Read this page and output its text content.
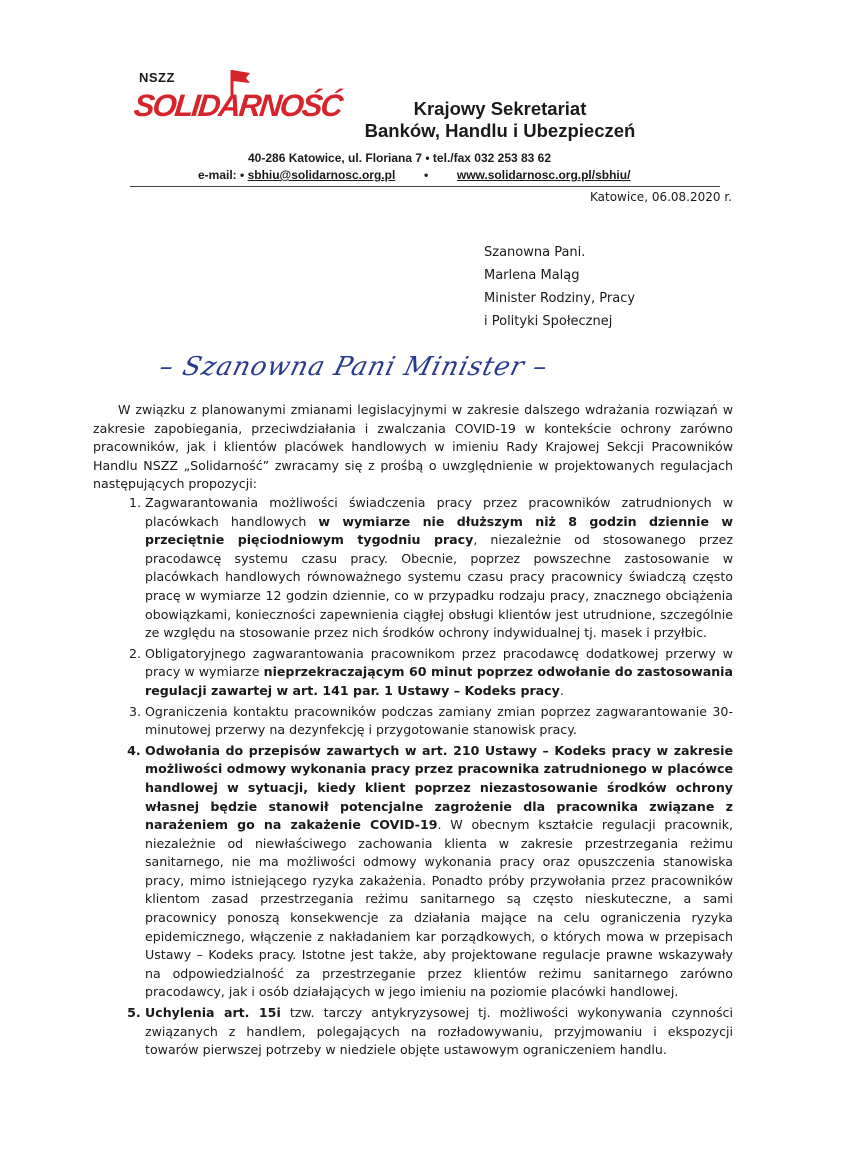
NSZZ
SOLIDARNOŚĆ	Krajowy Sekretariat
Banków, Handlu i Ubezpieczeń
40-286 Katowice, ul. Floriana 7 • tel./fax 032 253 83 62
e-mail: • sbhiu@solidarnosc.org.pl • www.solidarnosc.org.pl/sbhiu/
Katowice, 06.08.2020 r.
Szanowna Pani.
Marlena Maląg
Minister Rodziny, Pracy
i Polityki Społecznej
– Szanowna Pani Minister –
W związku z planowanymi zmianami legislacyjnymi w zakresie dalszego wdrażania rozwiązań w zakresie zapobiegania, przeciwdziałania i zwalczania COVID-19 w kontekście ochrony zarówno pracowników, jak i klientów placówek handlowych w imieniu Rady Krajowej Sekcji Pracowników Handlu NSZZ „Solidarność” zwracamy się z prośbą o uwzględnienie w projektowanych regulacjach następujących propozycji:
1. Zagwarantowania możliwości świadczenia pracy przez pracowników zatrudnionych w placówkach handlowych w wymiarze nie dłuższym niż 8 godzin dziennie w przeciętnie pięciodniowym tygodniu pracy, niezależnie od stosowanego przez pracodawcę systemu czasu pracy. Obecnie, poprzez powszechne zastosowanie w placówkach handlowych równoważnego systemu czasu pracy pracownicy świadczą często pracę w wymiarze 12 godzin dziennie, co w przypadku rodzaju pracy, znacznego obciążenia obowiązkami, konieczności zapewnienia ciągłej obsługi klientów jest utrudnione, szczególnie ze względu na stosowanie przez nich środków ochrony indywidualnej tj. masek i przyłbic.
2. Obligatoryjnego zagwarantowania pracownikom przez pracodawcę dodatkowej przerwy w pracy w wymiarze nieprzekraczającym 60 minut poprzez odwołanie do zastosowania regulacji zawartej w art. 141 par. 1 Ustawy – Kodeks pracy.
3. Ograniczenia kontaktu pracowników podczas zamiany zmian poprzez zagwarantowanie 30-minutowej przerwy na dezynfekcję i przygotowanie stanowisk pracy.
4. Odwołania do przepisów zawartych w art. 210 Ustawy – Kodeks pracy w zakresie możliwości odmowy wykonania pracy przez pracownika zatrudnionego w placówce handlowej w sytuacji, kiedy klient poprzez niezastosowanie środków ochrony własnej będzie stanowił potencjalne zagrożenie dla pracownika związane z narażeniem go na zakażenie COVID-19. W obecnym kształcie regulacji pracownik, niezależnie od niewłaściwego zachowania klienta w zakresie przestrzegania reżimu sanitarnego, nie ma możliwości odmowy wykonania pracy oraz opuszczenia stanowiska pracy, mimo istniejącego ryzyka zakażenia. Ponadto próby przywołania przez pracowników klientom zasad przestrzegania reżimu sanitarnego są często nieskuteczne, a sami pracownicy ponoszą konsekwencje za działania mające na celu ograniczenia ryzyka epidemicznego, włączenie z nakładaniem kar porządkowych, o których mowa w przepisach Ustawy – Kodeks pracy. Istotne jest także, aby projektowane regulacje prawne wskazywały na odpowiedzialność za przestrzeganie przez klientów reżimu sanitarnego zarówno pracodawcy, jak i osób działających w jego imieniu na poziomie placówki handlowej.
5. Uchylenia art. 15i tzw. tarczy antykryzysowej tj. możliwości wykonywania czynności związanych z handlem, polegających na rozładowywaniu, przyjmowaniu i ekspozycji towarów pierwszej potrzeby w niedziele objęte ustawowym ograniczeniem handlu.
